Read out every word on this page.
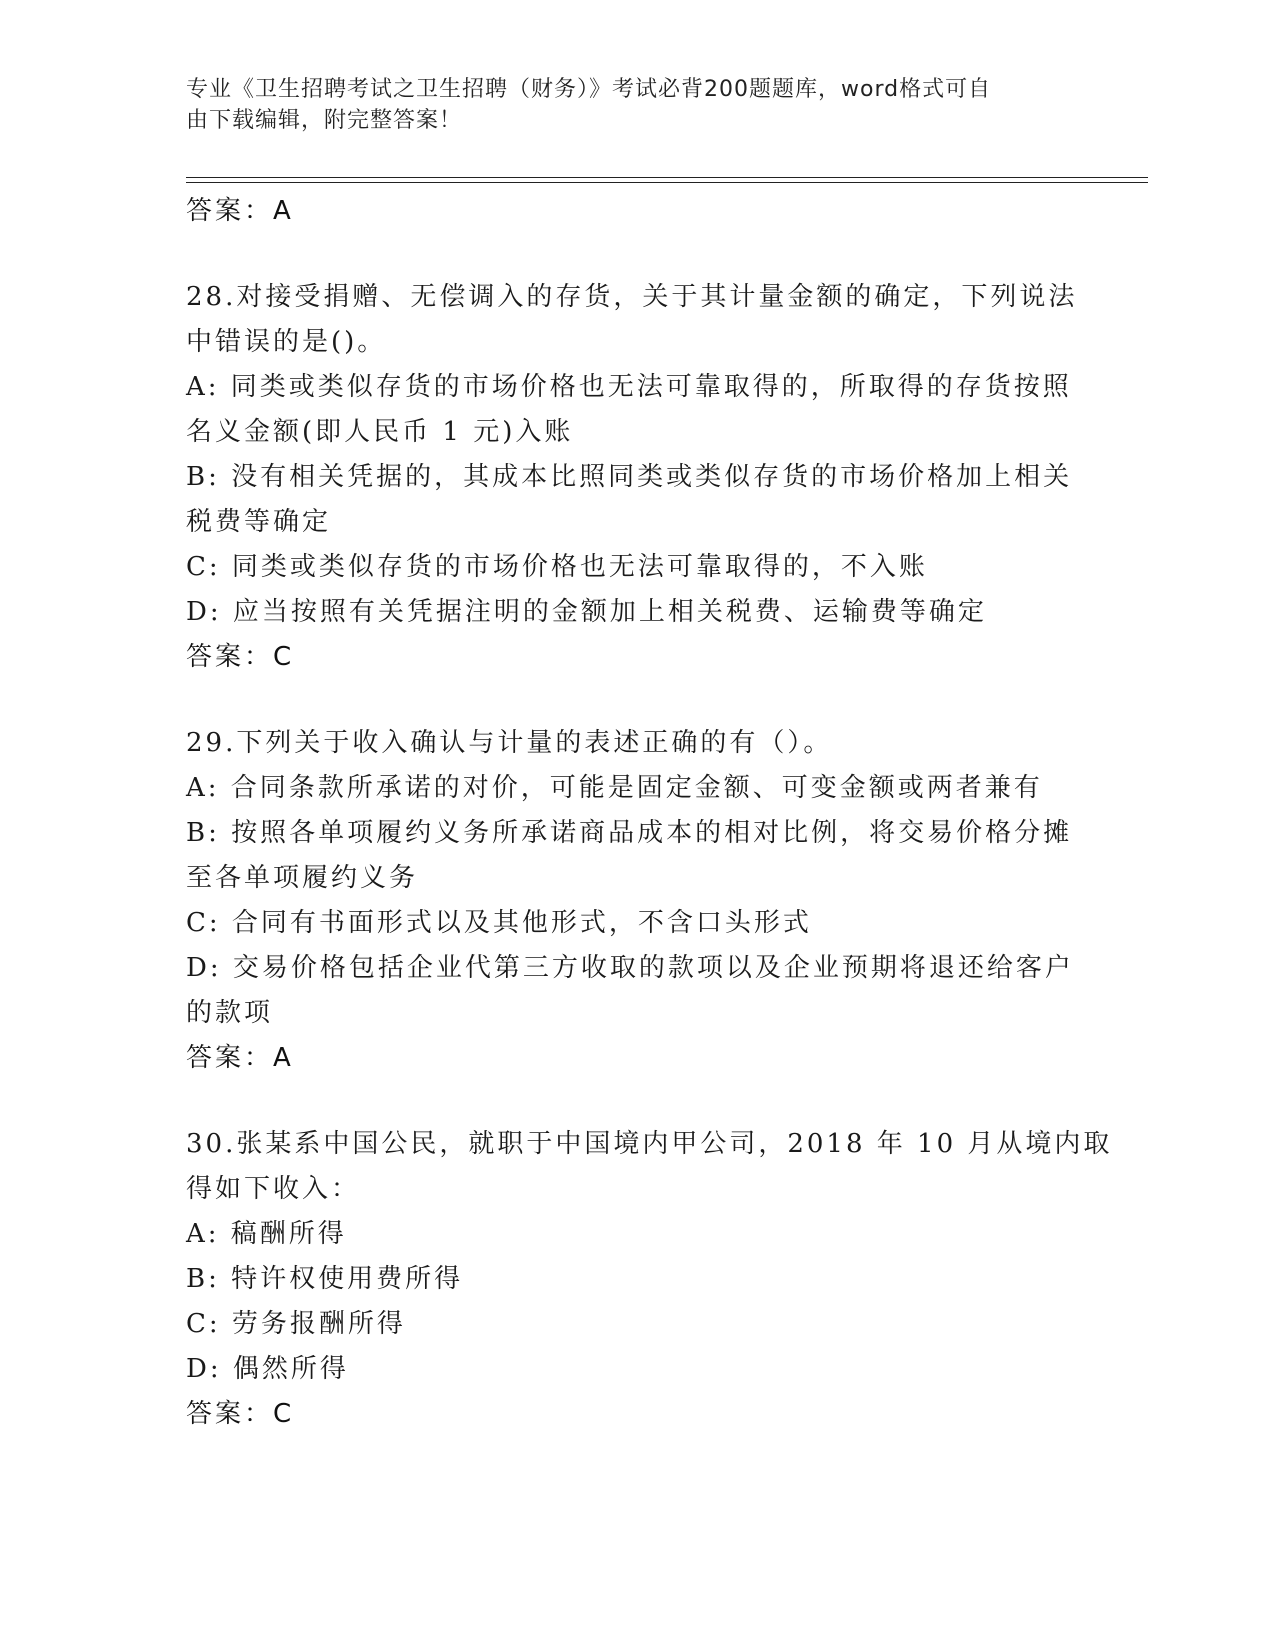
专业《卫生招聘考试之卫生招聘（财务）》考试必背200题题库，word格式可自
由下载编辑，附完整答案！
答案：A
28.对接受捐赠、无偿调入的存货，关于其计量金额的确定，下列说法
中错误的是()。
A: 同类或类似存货的市场价格也无法可靠取得的，所取得的存货按照
名义金额(即人民币 1 元)入账
B: 没有相关凭据的，其成本比照同类或类似存货的市场价格加上相关
税费等确定
C: 同类或类似存货的市场价格也无法可靠取得的，不入账
D: 应当按照有关凭据注明的金额加上相关税费、运输费等确定
答案：C
29.下列关于收入确认与计量的表述正确的有（）。
A: 合同条款所承诺的对价，可能是固定金额、可变金额或两者兼有
B: 按照各单项履约义务所承诺商品成本的相对比例，将交易价格分摊
至各单项履约义务
C: 合同有书面形式以及其他形式，不含口头形式
D: 交易价格包括企业代第三方收取的款项以及企业预期将退还给客户
的款项
答案：A
30.张某系中国公民，就职于中国境内甲公司，2018 年 10 月从境内取
得如下收入：
A: 稿酬所得
B: 特许权使用费所得
C: 劳务报酬所得
D: 偶然所得
答案：C
